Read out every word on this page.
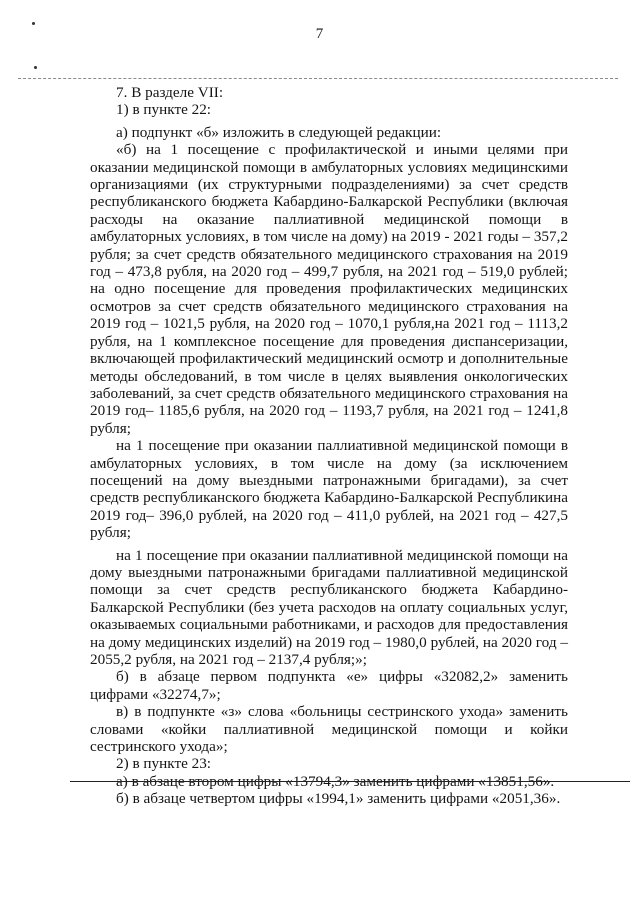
7

7. В разделе VII:

1) в пункте 22:

а) подпункт «б» изложить в следующей редакции:

«б) на 1 посещение с профилактической и иными целями при оказании медицинской помощи в амбулаторных условиях медицинскими организациями (их структурными подразделениями) за счет средств республиканского бюджета Кабардино-Балкарской Республики (включая расходы на оказание паллиативной медицинской помощи в амбулаторных условиях, в том числе на дому) на 2019 - 2021 годы – 357,2 рубля; за счет средств обязательного медицинского страхования на 2019 год – 473,8 рубля, на 2020 год – 499,7 рубля, на 2021 год – 519,0 рублей; на одно посещение для проведения профилактических медицинских осмотров за счет средств обязательного медицинского страхования на 2019 год – 1021,5 рубля, на 2020 год – 1070,1 рубля,на 2021 год – 1113,2 рубля, на 1 комплексное посещение для проведения диспансеризации, включающей профилактический медицинский осмотр и дополнительные методы обследований, в том числе в целях выявления онкологических заболеваний, за счет средств обязательного медицинского страхования на 2019 год– 1185,6 рубля, на 2020 год – 1193,7 рубля, на 2021 год – 1241,8 рубля;

на 1 посещение при оказании паллиативной медицинской помощи в амбулаторных условиях, в том числе на дому (за исключением посещений на дому выездными патронажными бригадами), за счет средств республиканского бюджета Кабардино-Балкарской Республикина 2019 год– 396,0 рублей, на 2020 год – 411,0 рублей, на 2021 год – 427,5 рубля;

на 1 посещение при оказании паллиативной медицинской помощи на дому выездными патронажными бригадами паллиативной медицинской помощи за счет средств республиканского бюджета Кабардино-Балкарской Республики (без учета расходов на оплату социальных услуг, оказываемых социальными работниками, и расходов для предоставления на дому медицинских изделий) на 2019 год – 1980,0 рублей, на 2020 год – 2055,2 рубля, на 2021 год – 2137,4 рубля;»;

б) в абзаце первом подпункта «е» цифры «32082,2» заменить цифрами «32274,7»;

в) в подпункте «з» слова «больницы сестринского ухода» заменить словами «койки паллиативной медицинской помощи и койки сестринского ухода»;

2) в пункте 23:

а) в абзаце втором цифры «13794,3» заменить цифрами «13851,56».

б) в абзаце четвертом цифры «1994,1» заменить цифрами «2051,36».
